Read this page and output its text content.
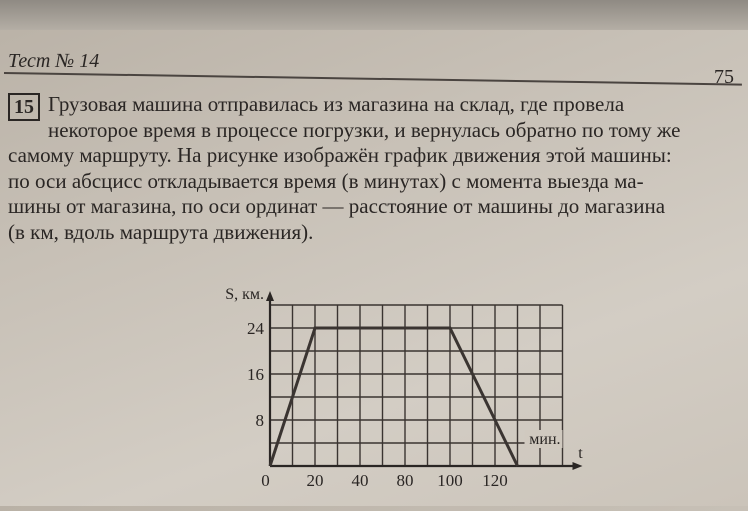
Тест № 14
75
15 Грузовая машина отправилась из магазина на склад, где провела
некоторое время в процессе погрузки, и вернулась обратно по тому же
самому маршруту. На рисунке изображён график движения этой машины:
по оси абсцисс откладывается время (в минутах) с момента выезда ма-
шины от магазина, по оси ординат — расстояние от машины до магазина
(в км, вдоль маршрута движения).
8
16
24
0 20 40 80 100 120
S, км.
мин.
t
